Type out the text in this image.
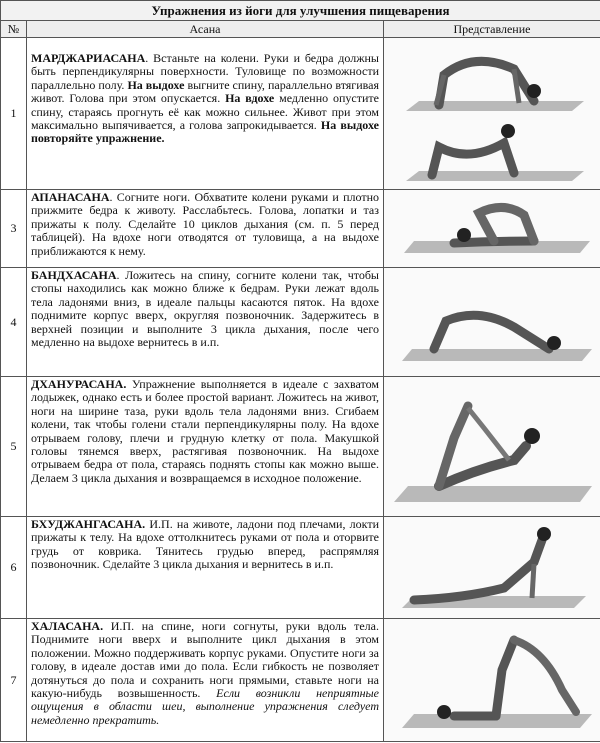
Упражнения из йоги для улучшения пищеварения		
№	Асана	Представление
1	МАРДЖАРИАСАНА. Встаньте на колени. Руки и бедра должны быть перпендикулярны поверхности. Туловище по возможности параллельно полу. На выдохе выгните спину, параллельно втягивая живот. Голова при этом опускается. На вдохе медленно опустите спину, стараясь прогнуть её как можно сильнее. Живот при этом максимально выпячивается, а голова запрокидывается. На выдохе повторяйте упражнение.	

3	АПАНАСАНА. Согните ноги. Обхватите колени руками и плотно прижмите бедра к животу. Расслабьтесь. Голова, лопатки и таз прижаты к полу. Сделайте 10 циклов дыхания (см. п. 5 перед таблицей). На вдохе ноги отводятся от туловища, а на выдохе приближаются к нему.	

4	БАНДХАСАНА. Ложитесь на спину, согните колени так, чтобы стопы находились как можно ближе к бедрам. Руки лежат вдоль тела ладонями вниз, в идеале пальцы касаются пяток. На вдохе поднимите корпус вверх, округляя позвоночник. Задержитесь в верхней позиции и выполните 3 цикла дыхания, после чего медленно на выдохе вернитесь в и.п.	

5	ДХАНУРАСАНА. Упражнение выполняется в идеале с захватом лодыжек, однако есть и более простой вариант. Ложитесь на живот, ноги на ширине таза, руки вдоль тела ладонями вниз. Сгибаем колени, так чтобы голени стали перпендикулярны полу. На вдохе отрываем голову, плечи и грудную клетку от пола. Макушкой головы тянемся вверх, растягивая позвоночник. На выдохе отрываем бедра от пола, стараясь поднять стопы как можно выше. Делаем 3 цикла дыхания и возвращаемся в исходное положение.	

6	БХУДЖАНГАСАНА. И.П. на животе, ладони под плечами, локти прижаты к телу. На вдохе оттолкнитесь руками от пола и оторвите грудь от коврика. Тянитесь грудью вперед, распрямляя позвоночник. Сделайте 3 цикла дыхания и вернитесь в и.п.	

7	ХАЛАСАНА. И.П. на спине, ноги согнуты, руки вдоль тела. Поднимите ноги вверх и выполните цикл дыхания в этом положении. Можно поддерживать корпус руками. Опустите ноги за голову, в идеале достав ими до пола. Если гибкость не позволяет дотянуться до пола и сохранить ноги прямыми, ставьте ноги на какую-нибудь возвышенность. Если возникли неприятные ощущения в области шеи, выполнение упражнения следует немедленно прекратить.	
